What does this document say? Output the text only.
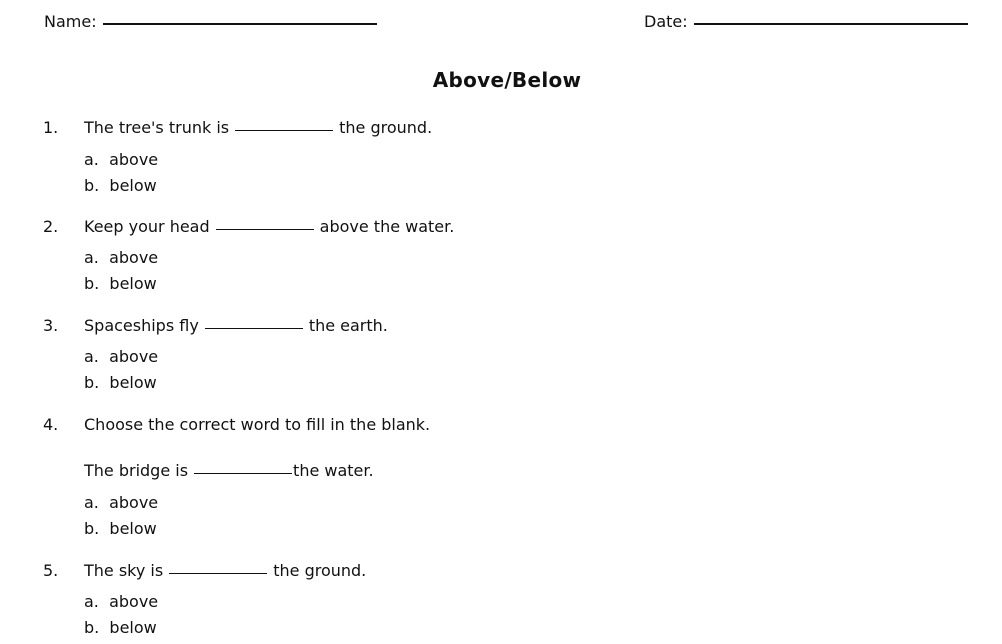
Name:	Date:
Above/Below
1. The tree's trunk is	the ground.
a.  above
b.  below
2. Keep your head	above the water.
a.  above
b.  below
3. Spaceships fly	the earth.
a.  above
b.  below
4. Choose the correct word to fill in the blank.
The bridge is	the water.
a.  above
b.  below
5. The sky is	the ground.
a.  above
b.  below
